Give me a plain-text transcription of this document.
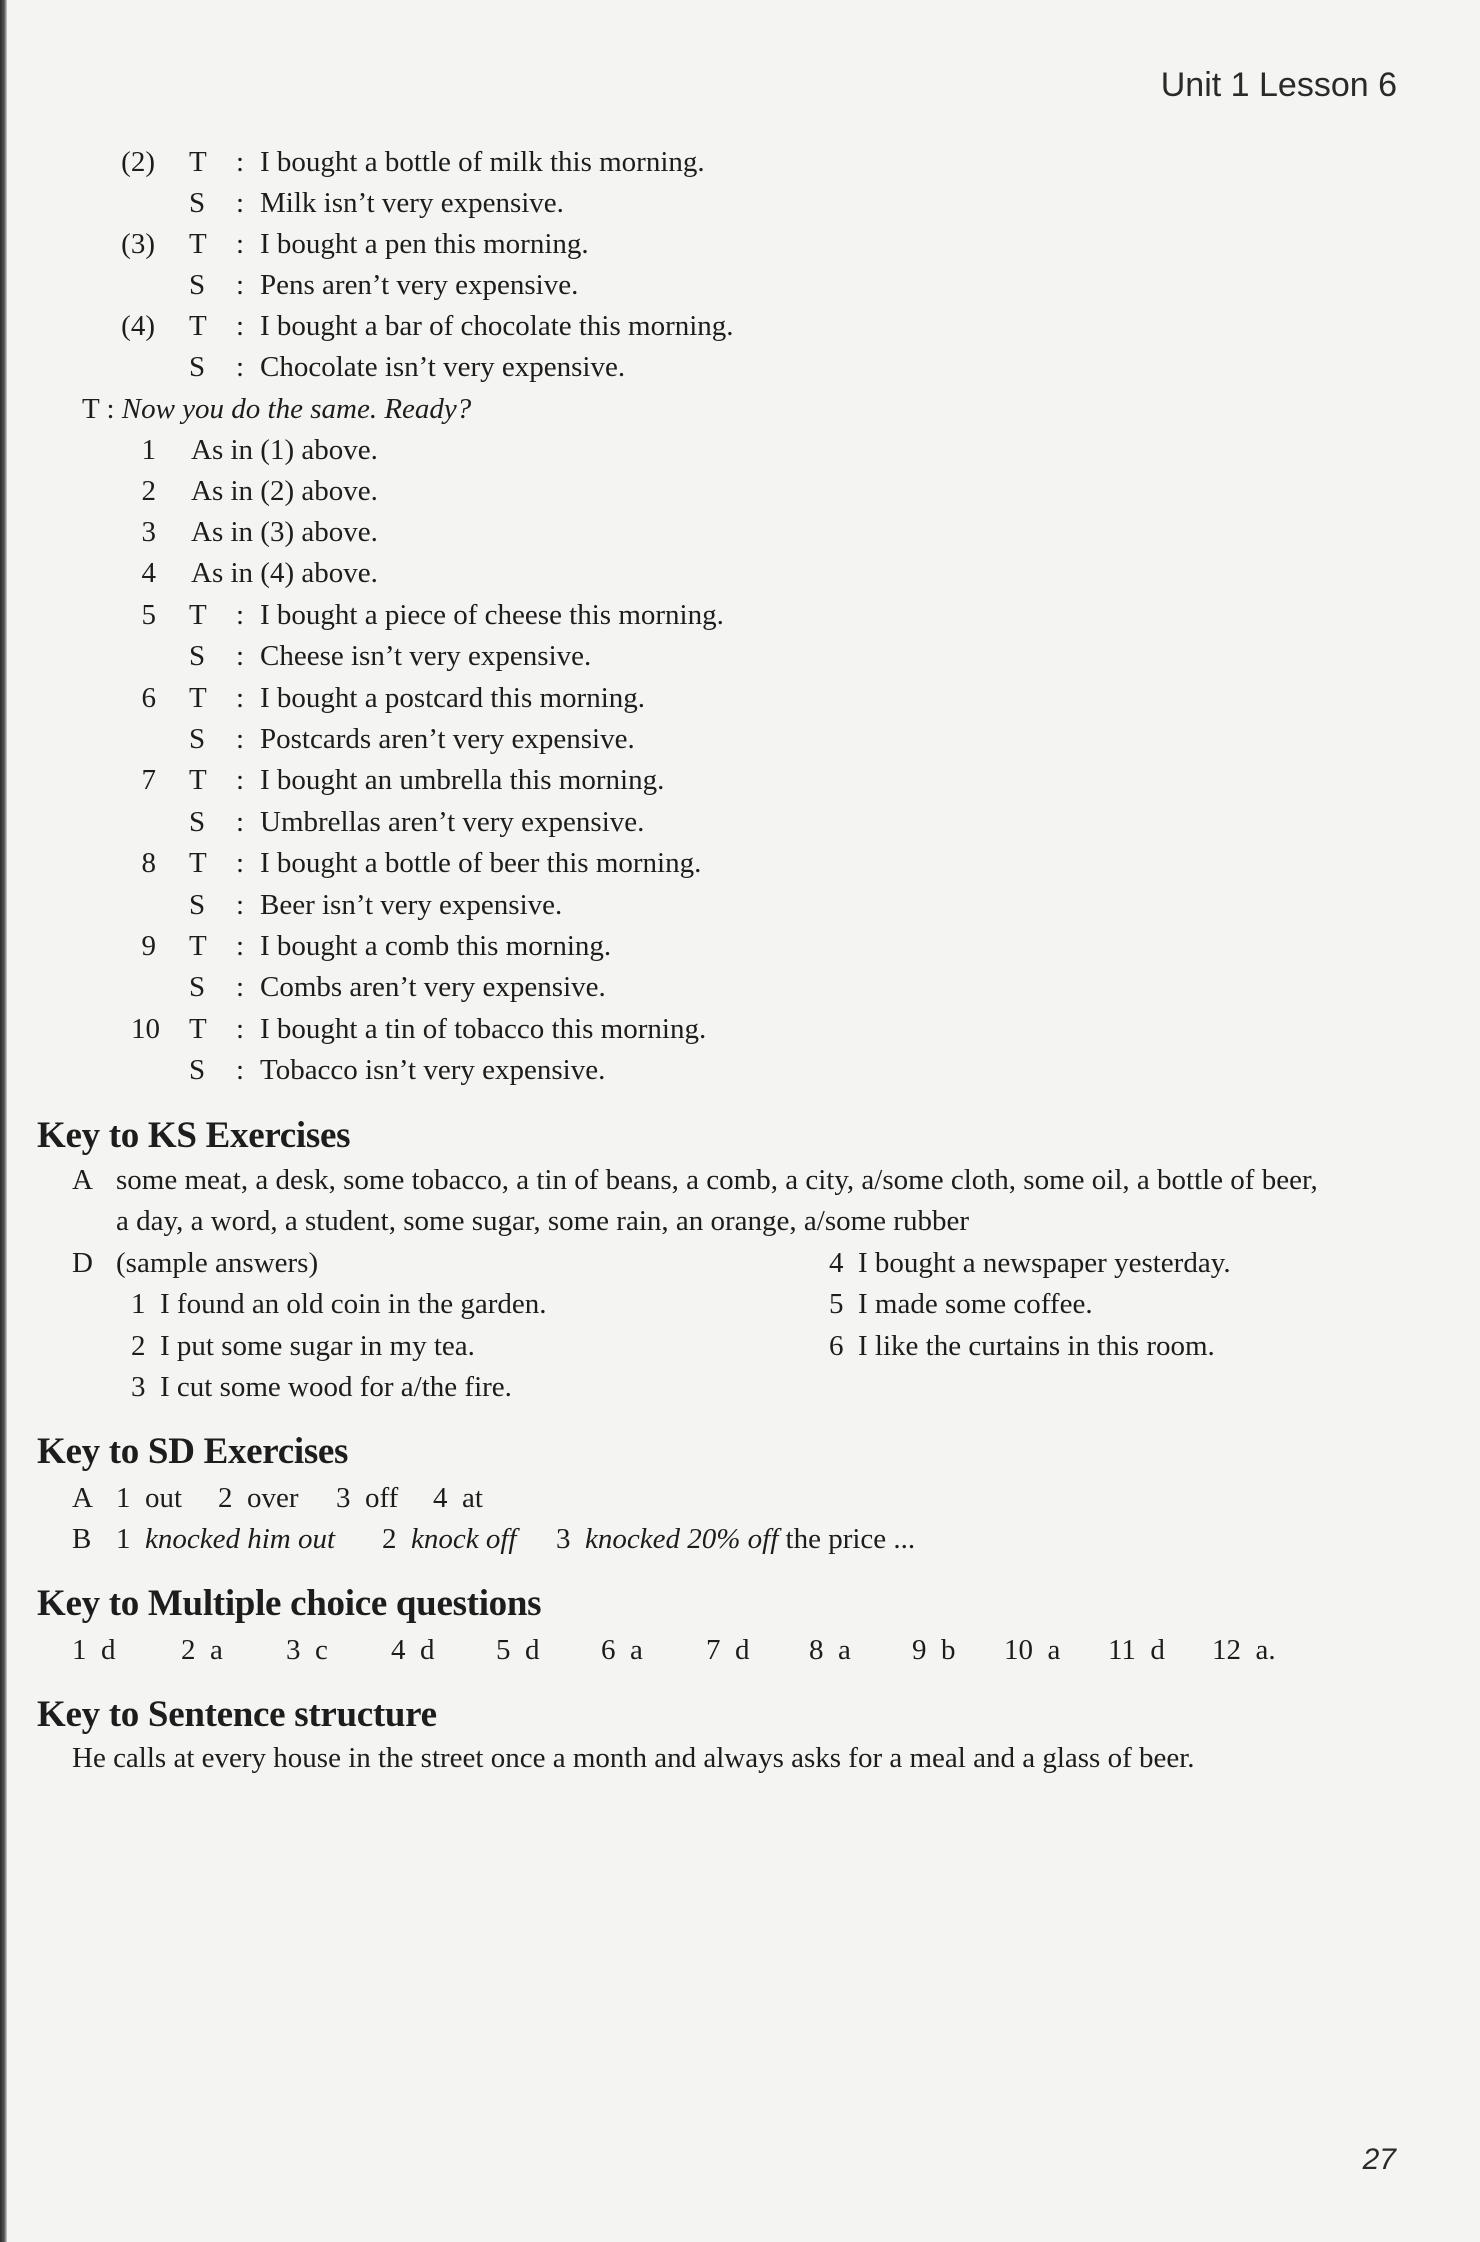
Unit 1 Lesson 6
(2) T : I bought a bottle of milk this morning.
S : Milk isn’t very expensive.
(3) T : I bought a pen this morning.
S : Pens aren’t very expensive.
(4) T : I bought a bar of chocolate this morning.
S : Chocolate isn’t very expensive.
T : Now you do the same. Ready?
1 As in (1) above.
2 As in (2) above.
3 As in (3) above.
4 As in (4) above.
5 T : I bought a piece of cheese this morning.
S : Cheese isn’t very expensive.
6 T : I bought a postcard this morning.
S : Postcards aren’t very expensive.
7 T : I bought an umbrella this morning.
S : Umbrellas aren’t very expensive.
8 T : I bought a bottle of beer this morning.
S : Beer isn’t very expensive.
9 T : I bought a comb this morning.
S : Combs aren’t very expensive.
10 T : I bought a tin of tobacco this morning.
S : Tobacco isn’t very expensive.
Key to KS Exercises
A some meat, a desk, some tobacco, a tin of beans, a comb, a city, a/some cloth, some oil, a bottle of beer,
a day, a word, a student, some sugar, some rain, an orange, a/some rubber
D (sample answers)
1 I found an old coin in the garden.
2 I put some sugar in my tea.
3 I cut some wood for a/the fire.
4 I bought a newspaper yesterday.
5 I made some coffee.
6 I like the curtains in this room.
Key to SD Exercises
A 1  out 2  over 3  off 4  at
B 1 knocked him out 2 knock off 3 knocked 20% off the price ...
Key to Multiple choice questions
1  d 2  a 3  c 4  d 5  d 6  a 7  d 8  a 9  b 10  a 11  d 12  a.
Key to Sentence structure
He calls at every house in the street once a month and always asks for a meal and a glass of beer.
27
